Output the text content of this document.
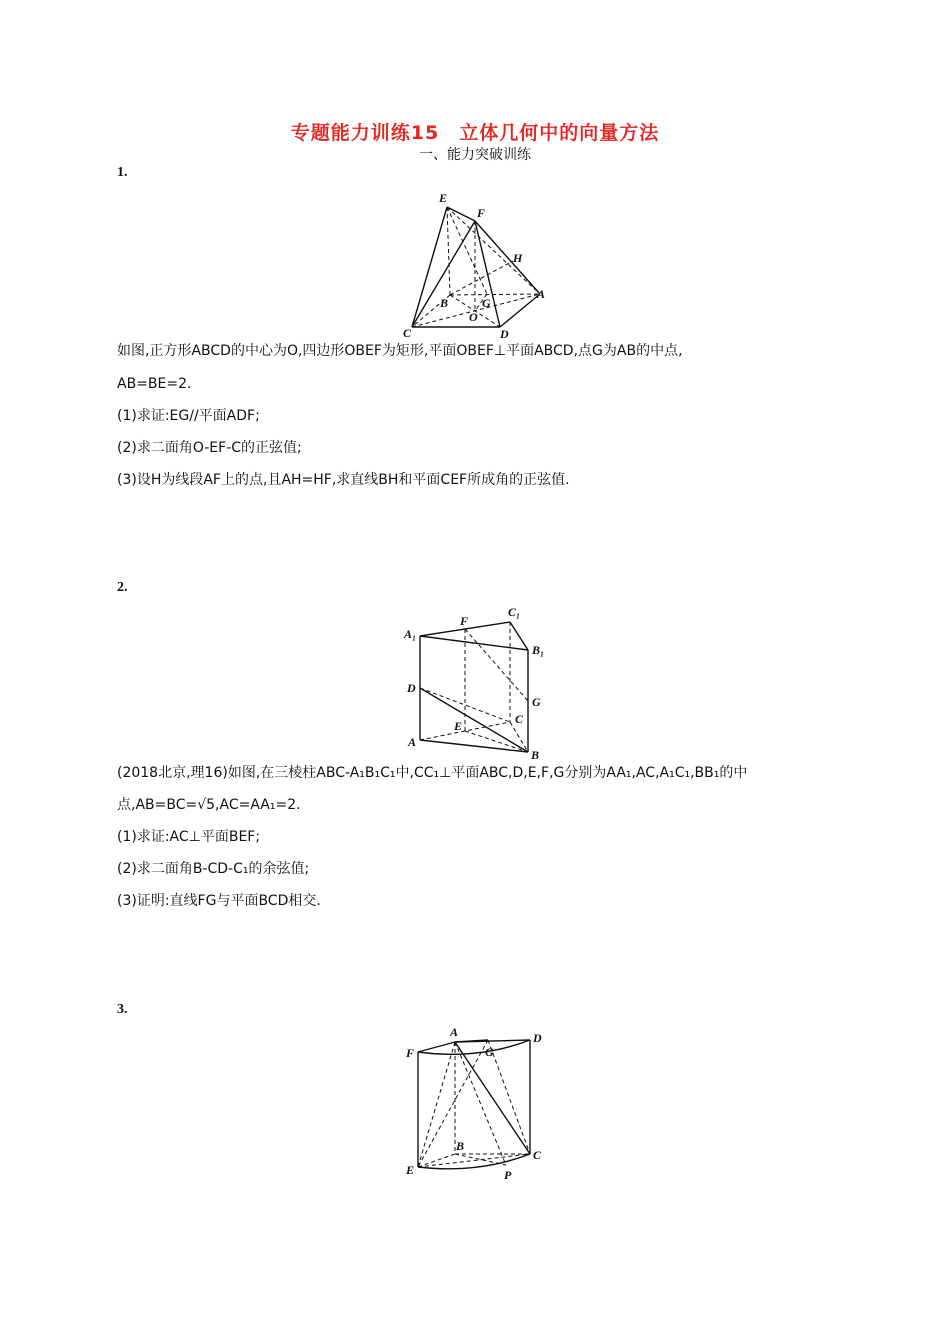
专题能力训练15　立体几何中的向量方法
一、能力突破训练
1.
E
F
H
B	G
A
O
C	D
如图,正方形ABCD的中心为O,四边形OBEF为矩形,平面OBEF⊥平面ABCD,点G为AB的中点,
AB=BE=2.
(1)求证:EG//平面ADF;
(2)求二面角O-EF-C的正弦值;
(3)设H为线段AF上的点,且AH=HF,求直线BH和平面CEF所成角的正弦值.
2.
C₁
A₁
F
B₁
D
G
E	C
A
B
(2018北京,理16)如图,在三棱柱ABC-A₁B₁C₁中,CC₁⊥平面ABC,D,E,F,G分别为AA₁,AC,A₁C₁,BB₁的中
点,AB=BC=√5,AC=AA₁=2.
(1)求证:AC⊥平面BEF;
(2)求二面角B-CD-C₁的余弦值;
(3)证明:直线FG与平面BCD相交.
3.
A	D
F	G
B
E
C
P
